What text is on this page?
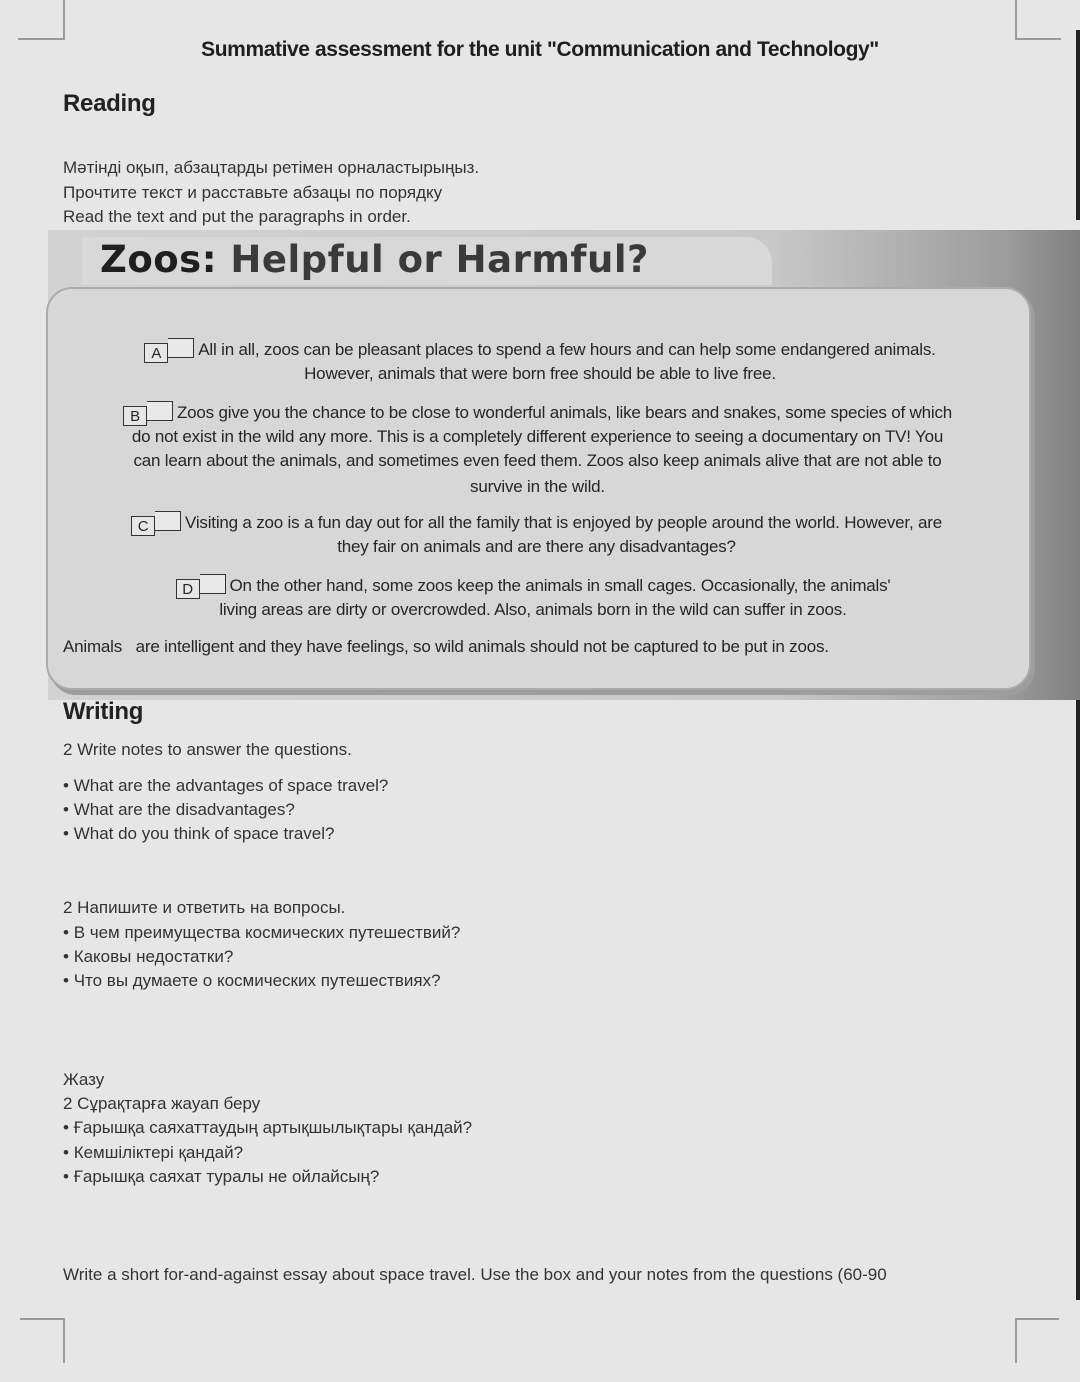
Summative assessment for the unit "Communication and Technology"
Reading
Мәтінді оқып, абзацтарды ретімен орналастырыңыз.
Прочтите текст и расставьте абзацы по порядку
Read the text and put the paragraphs in order.
Zoos: Helpful or Harmful?
A All in all, zoos can be pleasant places to spend a few hours and can help some endangered animals.
However, animals that were born free should be able to live free.
B Zoos give you the chance to be close to wonderful animals, like bears and snakes, some species of which
do not exist in the wild any more. This is a completely different experience to seeing a documentary on TV! You
can learn about the animals, and sometimes even feed them. Zoos also keep animals alive that are not able to
survive in the wild.
C Visiting a zoo is a fun day out for all the family that is enjoyed by people around the world. However, are
they fair on animals and are there any disadvantages?
D On the other hand, some zoos keep the animals in small cages. Occasionally, the animals'
living areas are dirty or overcrowded. Also, animals born in the wild can suffer in zoos.
Animals   are intelligent and they have feelings, so wild animals should not be captured to be put in zoos.
Writing
2 Write notes to answer the questions.
• What are the advantages of space travel?
• What are the disadvantages?
• What do you think of space travel?
2 Напишите и ответить на вопросы.
• В чем преимущества космических путешествий?
• Каковы недостатки?
• Что вы думаете о космических путешествиях?
Жазу
2 Сұрақтарға жауап беру
• Ғарышқа саяхаттаудың артықшылықтары қандай?
• Кемшіліктері қандай?
• Ғарышқа саяхат туралы не ойлайсың?
Write a short for-and-against essay about space travel. Use the box and your notes from the questions (60-90
